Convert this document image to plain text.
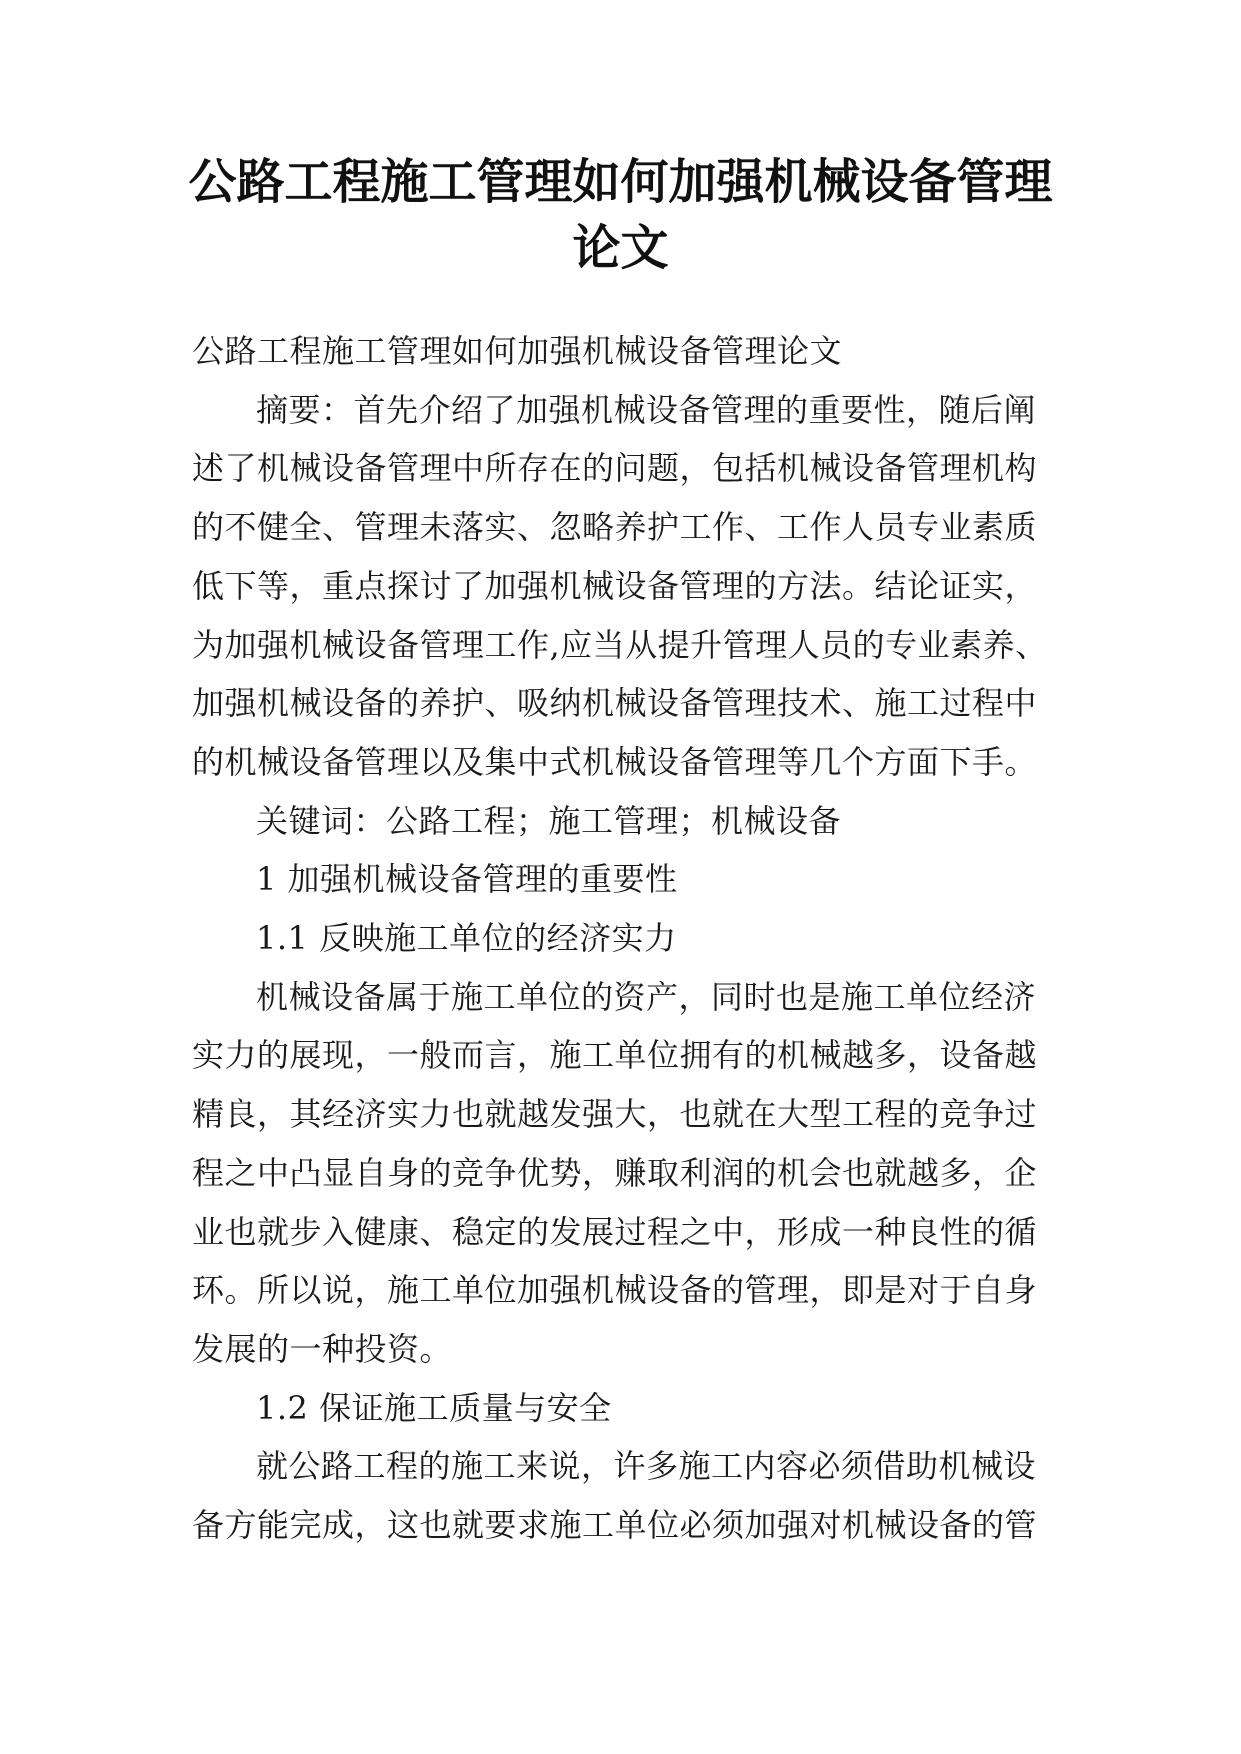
公路工程施工管理如何加强机械设备管理
论文

公路工程施工管理如何加强机械设备管理论文

摘要：首先介绍了加强机械设备管理的重要性，随后阐述了机械设备管理中所存在的问题，包括机械设备管理机构的不健全、管理未落实、忽略养护工作、工作人员专业素质低下等，重点探讨了加强机械设备管理的方法。结论证实，为加强机械设备管理工作,应当从提升管理人员的专业素养、加强机械设备的养护、吸纳机械设备管理技术、施工过程中的机械设备管理以及集中式机械设备管理等几个方面下手。

关键词：公路工程；施工管理；机械设备

1 加强机械设备管理的重要性

1.1 反映施工单位的经济实力

机械设备属于施工单位的资产，同时也是施工单位经济实力的展现，一般而言，施工单位拥有的机械越多，设备越精良，其经济实力也就越发强大，也就在大型工程的竞争过程之中凸显自身的竞争优势，赚取利润的机会也就越多，企业也就步入健康、稳定的发展过程之中，形成一种良性的循环。所以说，施工单位加强机械设备的管理，即是对于自身发展的一种投资。

1.2 保证施工质量与安全

就公路工程的施工来说，许多施工内容必须借助机械设备方能完成，这也就要求施工单位必须加强对机械设备的管
